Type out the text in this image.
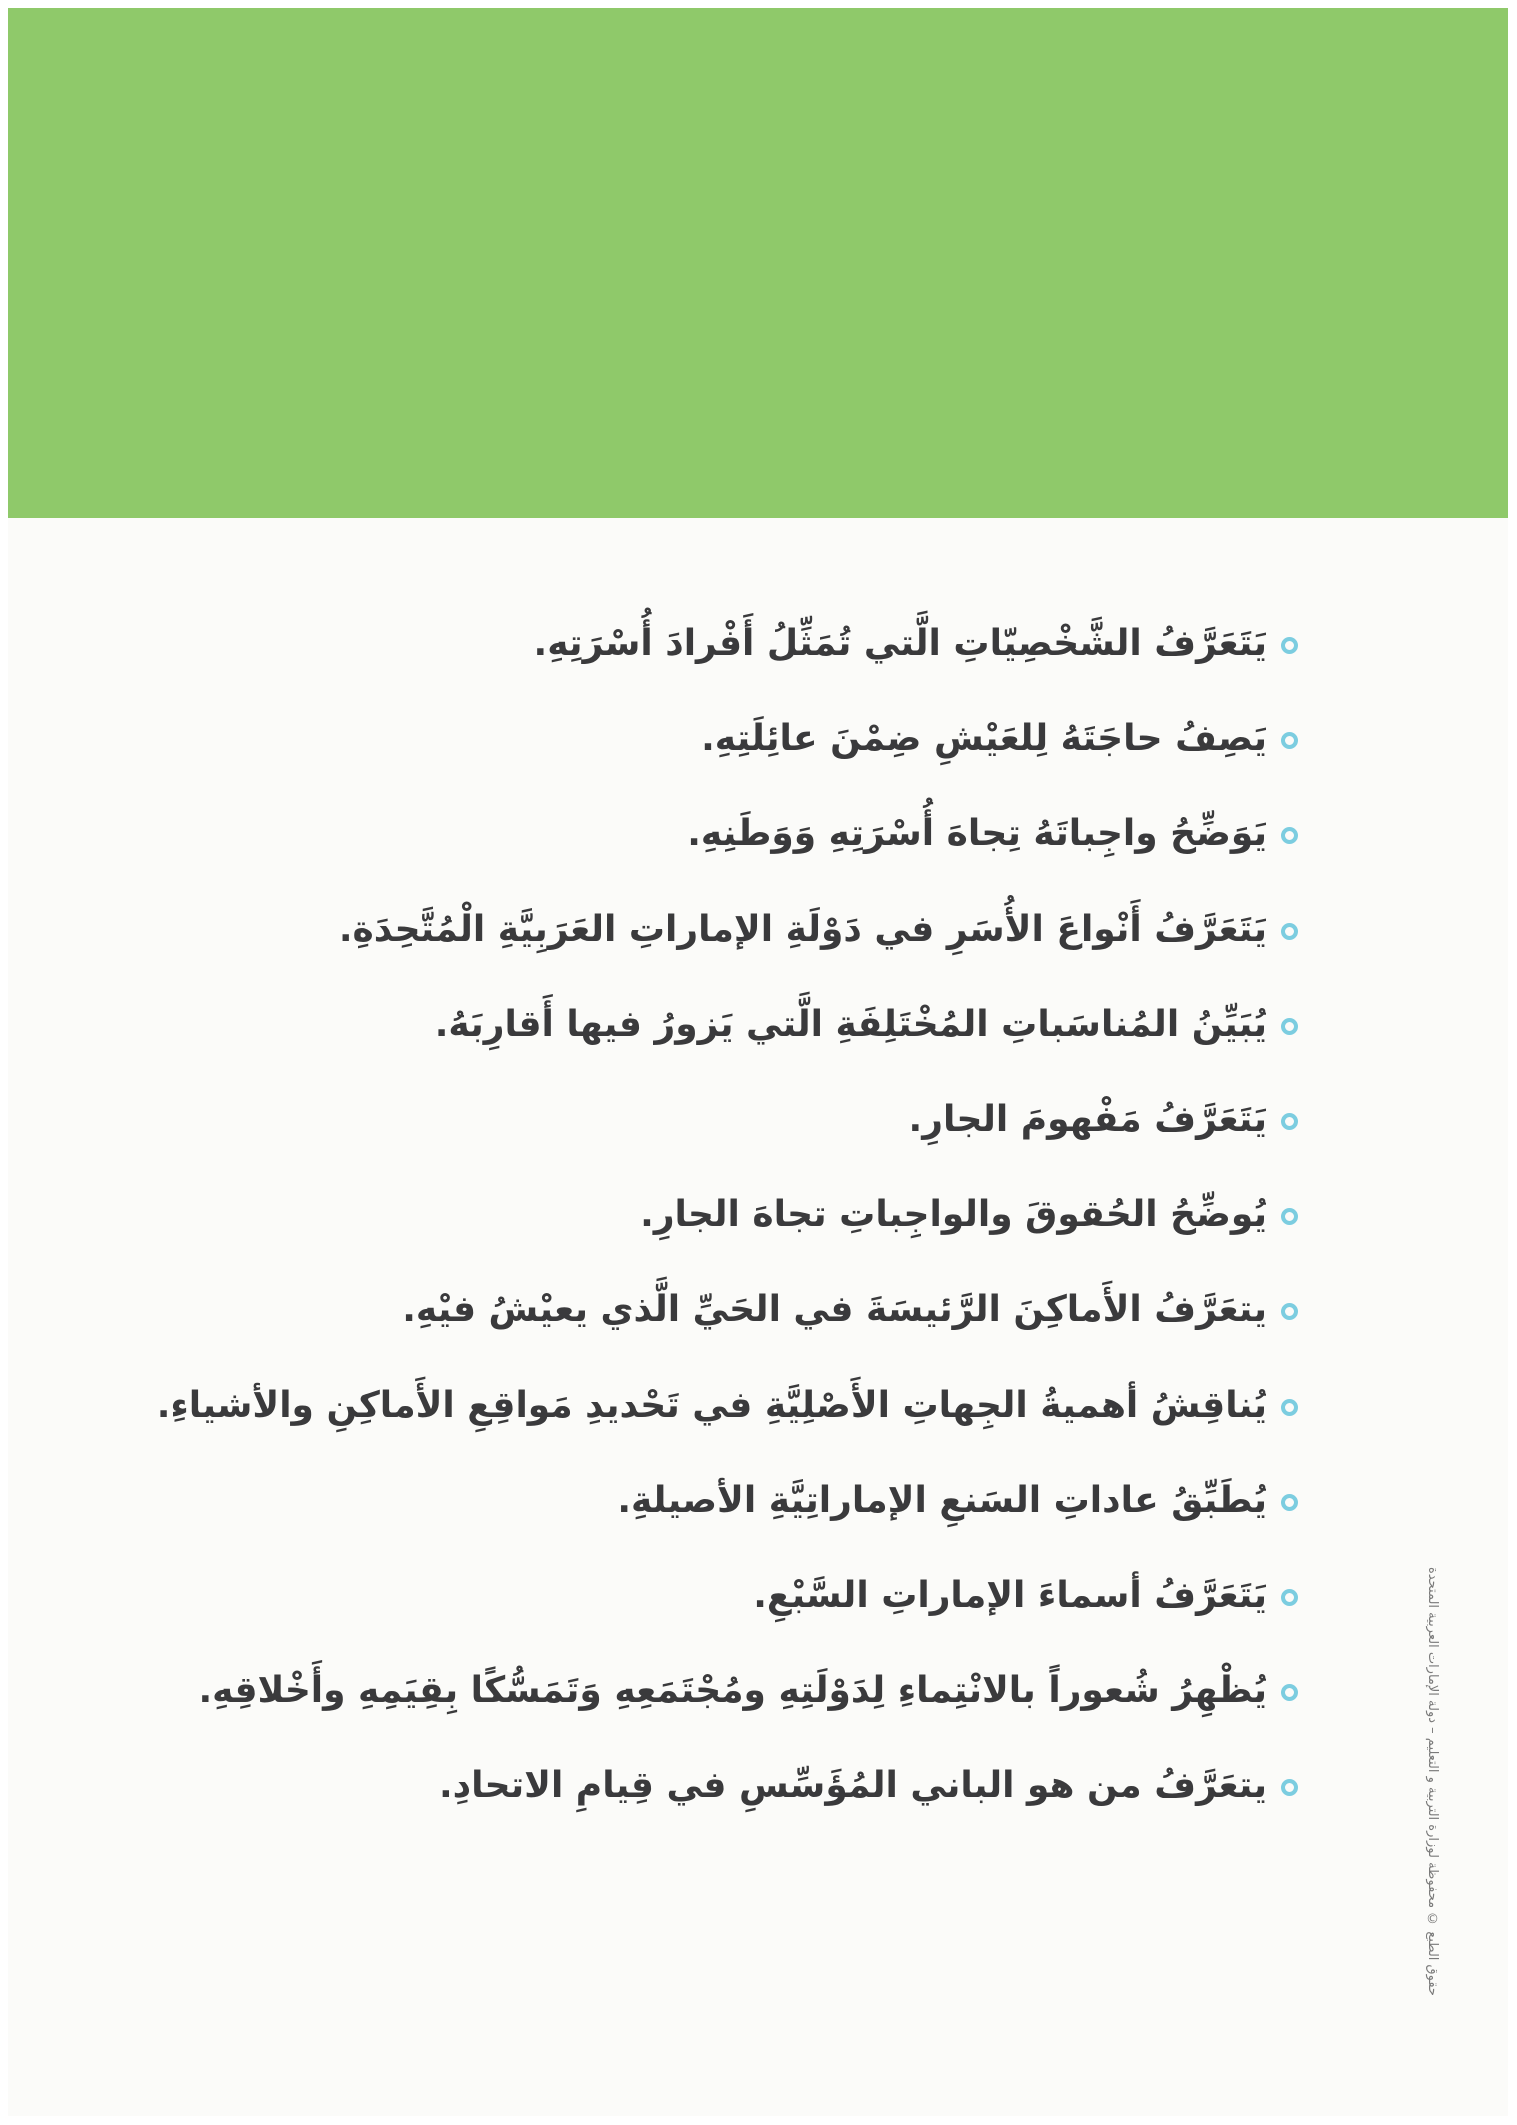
يَتَعَرَّفُ الشَّخْصِيّاتِ الَّتي تُمَثِّلُ أَفْرادَ أُسْرَتِهِ.
يَصِفُ حاجَتَهُ لِلعَيْشِ ضِمْنَ عائِلَتِهِ.
يَوَضِّحُ واجِباتَهُ تِجاهَ أُسْرَتِهِ وَوَطَنِهِ.
يَتَعَرَّفُ أَنْواعَ الأُسَرِ في دَوْلَةِ الإماراتِ العَرَبِيَّةِ الْمُتَّحِدَةِ.
يُبَيِّنُ المُناسَباتِ المُخْتَلِفَةِ الَّتي يَزورُ فيها أَقارِبَهُ.
يَتَعَرَّفُ مَفْهومَ الجارِ.
يُوضِّحُ الحُقوقَ والواجِباتِ تجاهَ الجارِ.
يتعَرَّفُ الأَماكِنَ الرَّئيسَةَ في الحَيِّ الَّذي يعيْشُ فيْهِ.
يُناقِشُ أهميةُ الجِهاتِ الأَصْلِيَّةِ في تَحْديدِ مَواقِعِ الأَماكِنِ والأشياءِ.
يُطَبِّقُ عاداتِ السَنعِ الإماراتِيَّةِ الأصيلةِ.
يَتَعَرَّفُ أسماءَ الإماراتِ السَّبْعِ.
يُظْهِرُ شُعوراً بالانْتِماءِ لِدَوْلَتِهِ ومُجْتَمَعِهِ وَتَمَسُّكًا بِقِيَمِهِ وأَخْلاقِهِ.
يتعَرَّفُ من هو الباني المُؤَسِّسِ في قِيامِ الاتحادِ.	حقوق الطبع © محفوظة لوزارة التربية و التعليم – دولة الإمارات العربية المتحدة
